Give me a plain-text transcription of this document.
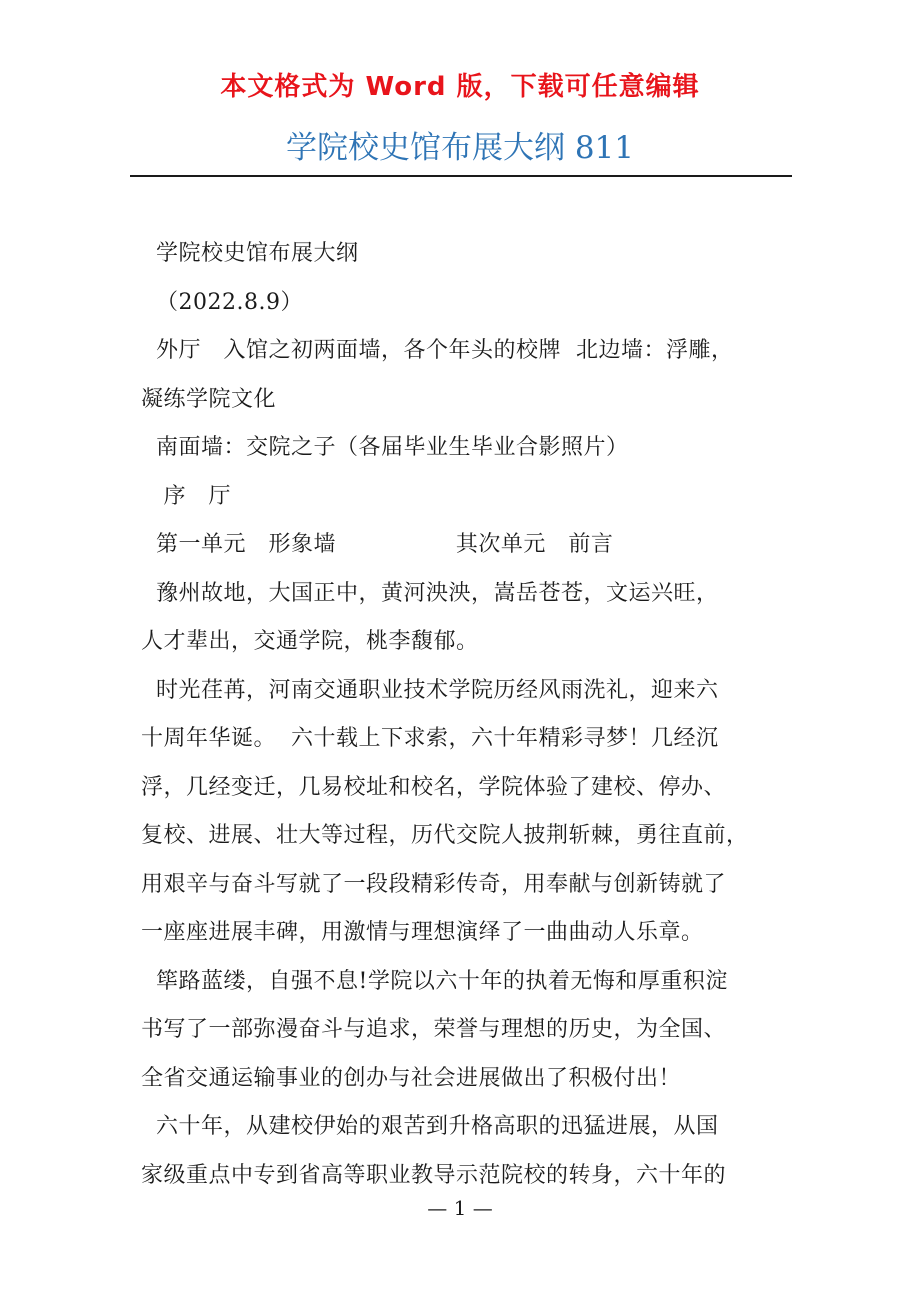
本文格式为 Word 版，下载可任意编辑
学院校史馆布展大纲 811
学院校史馆布展大纲
（2022.8.9）
外厅   入馆之初两面墙，各个年头的校牌  北边墙：浮雕，
凝练学院文化
南面墙：交院之子（各届毕业生毕业合影照片）
序   厅
第一单元   形象墙                其次单元   前言
豫州故地，大国正中，黄河泱泱，嵩岳苍苍，文运兴旺，
人才辈出，交通学院，桃李馥郁。
时光荏苒，河南交通职业技术学院历经风雨洗礼，迎来六
十周年华诞。  六十载上下求索，六十年精彩寻梦！几经沉
浮，几经变迁，几易校址和校名，学院体验了建校、停办、
复校、进展、壮大等过程，历代交院人披荆斩棘，勇往直前，
用艰辛与奋斗写就了一段段精彩传奇，用奉献与创新铸就了
一座座进展丰碑，用激情与理想演绎了一曲曲动人乐章。
筚路蓝缕，自强不息!学院以六十年的执着无悔和厚重积淀
书写了一部弥漫奋斗与追求，荣誉与理想的历史，为全国、
全省交通运输事业的创办与社会进展做出了积极付出！
六十年，从建校伊始的艰苦到升格高职的迅猛进展，从国
家级重点中专到省高等职业教导示范院校的转身，六十年的
— 1 —
